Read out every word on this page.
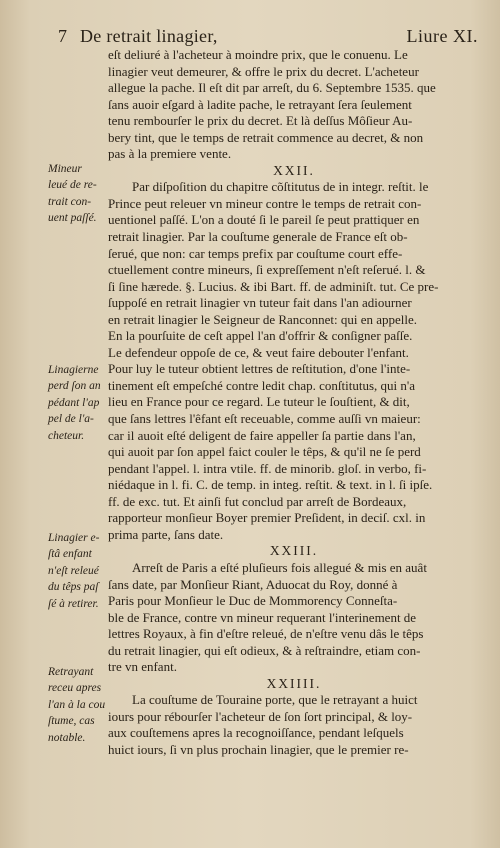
7 De retrait linagier,	Liure XI.
eſt deliuré à l'acheteur à moindre prix, que le conuenu. Le
linagier veut demeurer, & offre le prix du decret. L'acheteur
allegue la pache. Il eſt dit par arreſt, du 6. Septembre 1535. que
ſans auoir eſgard à ladite pache, le retrayant ſera ſeulement
tenu rembourſer le prix du decret. Et là deſſus Môſieur Au-
bery tint, que le temps de retrait commence au decret, & non
pas à la premiere vente.
XXII.
Par diſpoſition du chapitre cõſtitutus de in integr. reſtit. le
Prince peut releuer vn mineur contre le temps de retrait con-
uentionel paſſé. L'on a douté ſi le pareil ſe peut prattiquer en
retrait linagier. Par la couſtume generale de France eſt ob-
ſerué, que non: car temps prefix par couſtume court effe-
ctuellement contre mineurs, ſi expreſſement n'eſt reſerué. l. &
ſi ſine hærede. §. Lucius. & ibi Bart. ff. de adminiſt. tut. Ce pre-
ſuppoſé en retrait linagier vn tuteur fait dans l'an adiourner
en retrait linagier le Seigneur de Ranconnet: qui en appelle.
En la pourſuite de ceſt appel l'an d'offrir & conſigner paſſe.
Le defendeur oppoſe de ce, & veut faire debouter l'enfant.
Pour luy le tuteur obtient lettres de reſtitution, d'one l'inte-
tinement eſt empeſché contre ledit chap. conſtitutus, qui n'a
lieu en France pour ce regard. Le tuteur le ſouſtient, & dit,
que ſans lettres l'êfant eſt receuable, comme auſſi vn maieur:
car il auoit eſté deligent de faire appeller ſa partie dans l'an,
qui auoit par ſon appel faict couler le têps, & qu'il ne ſe perd
pendant l'appel. l. intra vtile. ff. de minorib. gloſ. in verbo, fi-
niédaque in l. fi. C. de temp. in integ. reſtit. & text. in l. ſi ipſe.
ff. de exc. tut. Et ainſi fut conclud par arreſt de Bordeaux,
rapporteur monſieur Boyer premier Preſident, in deciſ. cxl. in
prima parte, ſans date.
XXIII.
Arreſt de Paris a eſté pluſieurs fois allegué & mis en auât
ſans date, par Monſieur Riant, Aduocat du Roy, donné à
Paris pour Monſieur le Duc de Mommorency Conneſta-
ble de France, contre vn mineur requerant l'interinement de
lettres Royaux, à fin d'eſtre releué, de n'eſtre venu dâs le têps
du retrait linagier, qui eſt odieux, & à reſtraindre, etiam con-
tre vn enfant.
XXIIII.
La couſtume de Touraine porte, que le retrayant a huict
iours pour rébourſer l'acheteur de ſon ſort principal, & loy-
aux couſtemens apres la recognoiſſance, pendant leſquels
huict iours, ſi vn plus prochain linagier, que le premier re-
Mineur
leué de re-
trait con-
uent paſſé.
Linagierne
perd ſon an
pédant l'ap
pel de l'a-
cheteur.
Linagier e-
ſtâ enfant
n'eſt releué
du têps paſ
ſé à retirer.
Retrayant
receu apres
l'an à la cou
ſtume, cas
notable.
